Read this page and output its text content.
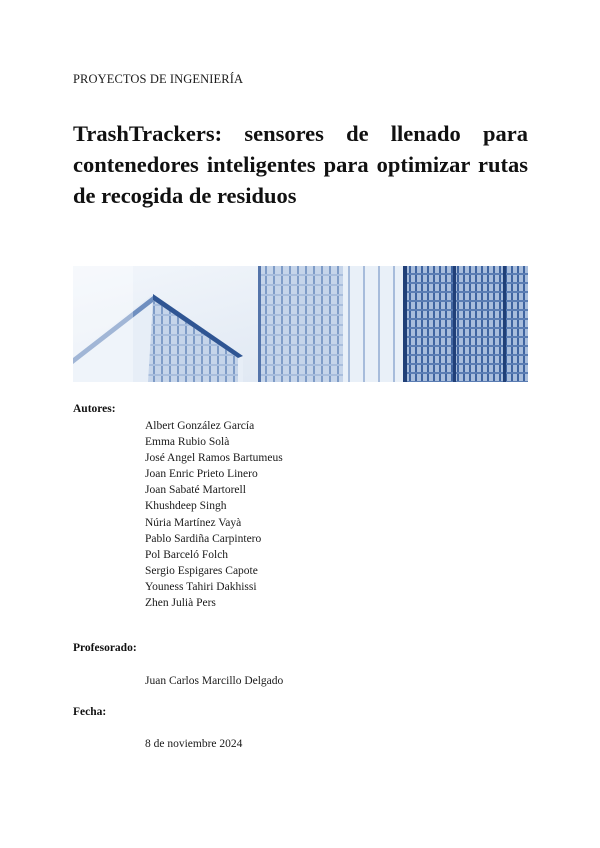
PROYECTOS DE INGENIERÍA
TrashTrackers: sensores de llenado para contenedores inteligentes para optimizar rutas de recogida de residuos
Autores:
Albert González García
Emma Rubio Solà
José Angel Ramos Bartumeus
Joan Enric Prieto Linero
Joan Sabaté Martorell
Khushdeep Singh
Núria Martínez Vayà
Pablo Sardiña Carpintero
Pol Barceló Folch
Sergio Espigares Capote
Youness Tahiri Dakhissi
Zhen Julià Pers
Profesorado:
Juan Carlos Marcillo Delgado
Fecha:
8 de noviembre 2024
